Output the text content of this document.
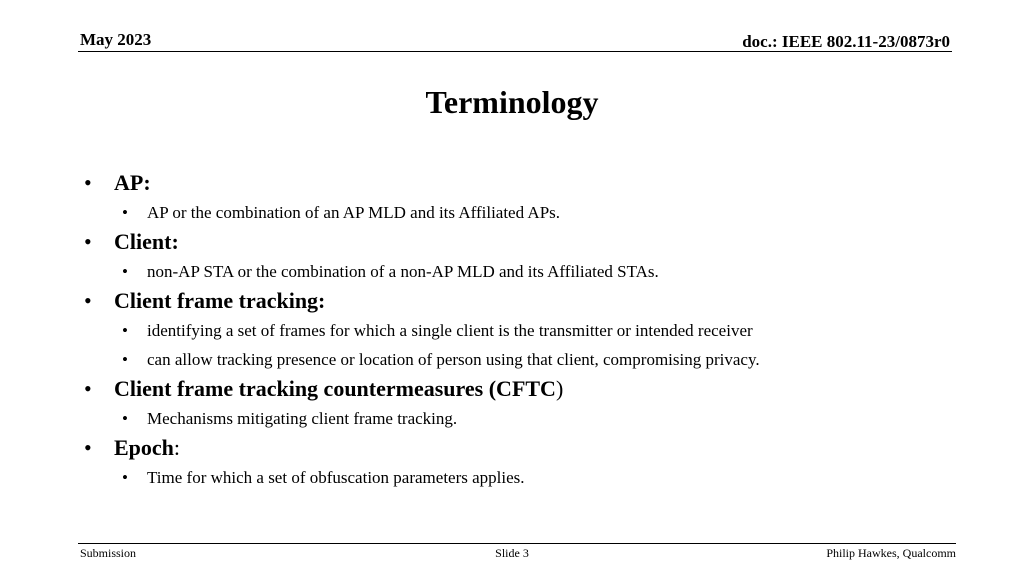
May 2023	doc.: IEEE 802.11-23/0873r0
Terminology
• AP:
• AP or the combination of an AP MLD and its Affiliated APs.
• Client:
• non-AP STA or the combination of a non-AP MLD and its Affiliated STAs.
• Client frame tracking:
• identifying a set of frames for which a single client is the transmitter or intended receiver
• can allow tracking presence or location of person using that client, compromising privacy.
• Client frame tracking countermeasures (CFTC)
• Mechanisms mitigating client frame tracking.
• Epoch:
• Time for which a set of obfuscation parameters applies.
Submission	Slide 3	Philip Hawkes, Qualcomm
